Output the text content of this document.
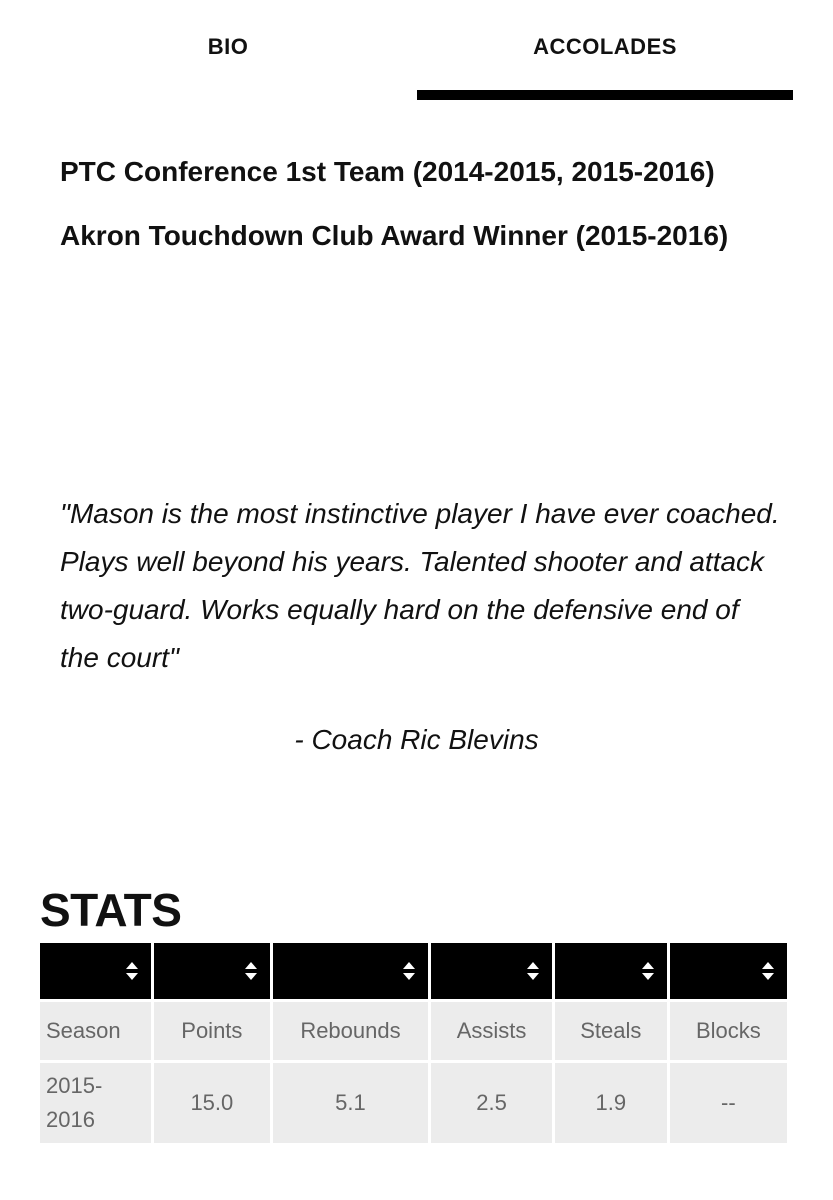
BIO	ACCOLADES

PTC Conference 1st Team (2014-2015, 2015-2016)

Akron Touchdown Club Award Winner (2015-2016)

"Mason is the most instinctive player I have ever coached. Plays well beyond his years. Talented shooter and attack two-guard. Works equally hard on the defensive end of the court"
- Coach Ric Blevins
STATS

Season	Points	Rebounds	Assists	Steals	Blocks
2015-2016	15.0	5.1	2.5	1.9	--
